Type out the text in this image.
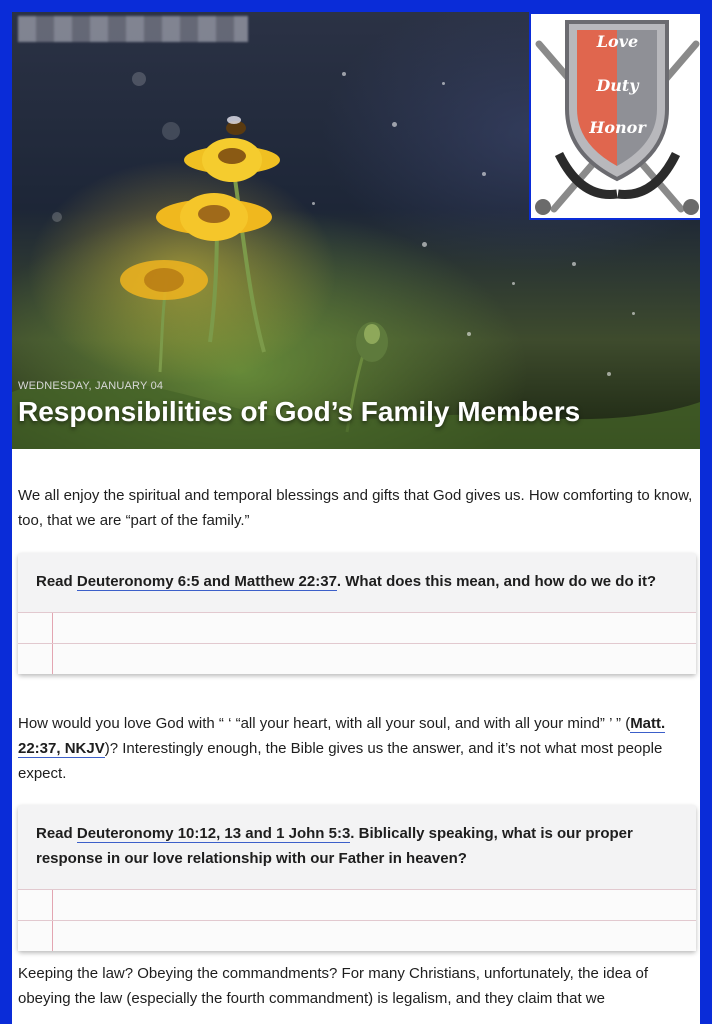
WEDNESDAY, JANUARY 04
Responsibilities of God’s Family Members
Love
Duty
Honor

We all enjoy the spiritual and temporal blessings and gifts that God gives us. How comforting to know, too, that we are “part of the family.”

Read Deuteronomy 6:5 and Matthew 22:37. What does this mean, and how do we do it?

How would you love God with “ ‘ “all your heart, with all your soul, and with all your mind” ’ ” (Matt. 22:37, NKJV)? Interestingly enough, the Bible gives us the answer, and it’s not what most people expect.

Read Deuteronomy 10:12, 13 and 1 John 5:3. Biblically speaking, what is our proper response in our love relationship with our Father in heaven?

Keeping the law? Obeying the commandments? For many Christians, unfortunately, the idea of obeying the law (especially the fourth commandment) is legalism, and they claim that we
